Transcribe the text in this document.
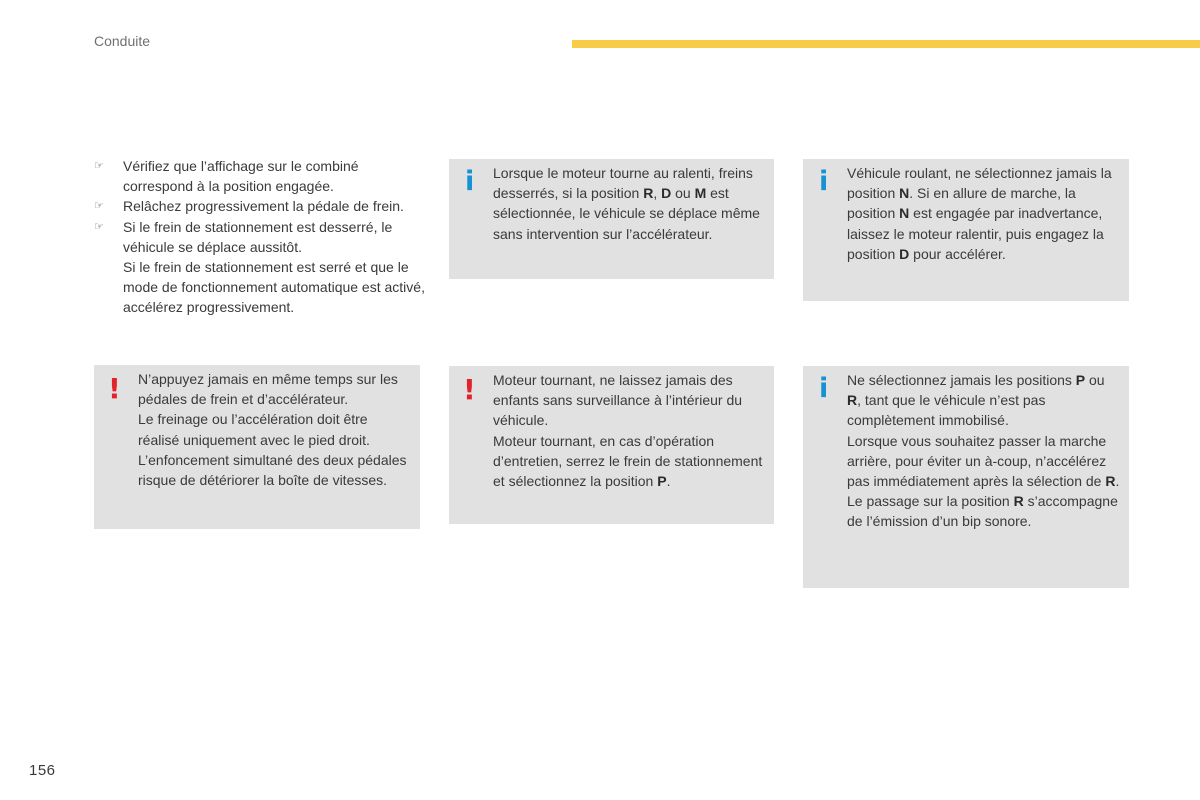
Conduite
☞ Vérifiez que l’affichage sur le combiné correspond à la position engagée.
☞ Relâchez progressivement la pédale de frein.
☞ Si le frein de stationnement est desserré, le véhicule se déplace aussitôt.
Si le frein de stationnement est serré et que le mode de fonctionnement automatique est activé, accélérez progressivement.
i Lorsque le moteur tourne au ralenti, freins desserrés, si la position R, D ou M est sélectionnée, le véhicule se déplace même sans intervention sur l’accélérateur.

i Véhicule roulant, ne sélectionnez jamais la position N. Si en allure de marche, la position N est engagée par inadvertance, laissez le moteur ralentir, puis engagez la position D pour accélérer.

! N’appuyez jamais en même temps sur les pédales de frein et d’accélérateur.

Le freinage ou l’accélération doit être réalisé uniquement avec le pied droit.

L’enfoncement simultané des deux pédales risque de détériorer la boîte de vitesses.

! Moteur tournant, ne laissez jamais des enfants sans surveillance à l’intérieur du véhicule.

Moteur tournant, en cas d’opération d’entretien, serrez le frein de stationnement et sélectionnez la position P.

i Ne sélectionnez jamais les positions P ou R, tant que le véhicule n’est pas complètement immobilisé.

Lorsque vous souhaitez passer la marche arrière, pour éviter un à-coup, n’accélérez pas immédiatement après la sélection de R.

Le passage sur la position R s’accompagne de l’émission d’un bip sonore.

156
